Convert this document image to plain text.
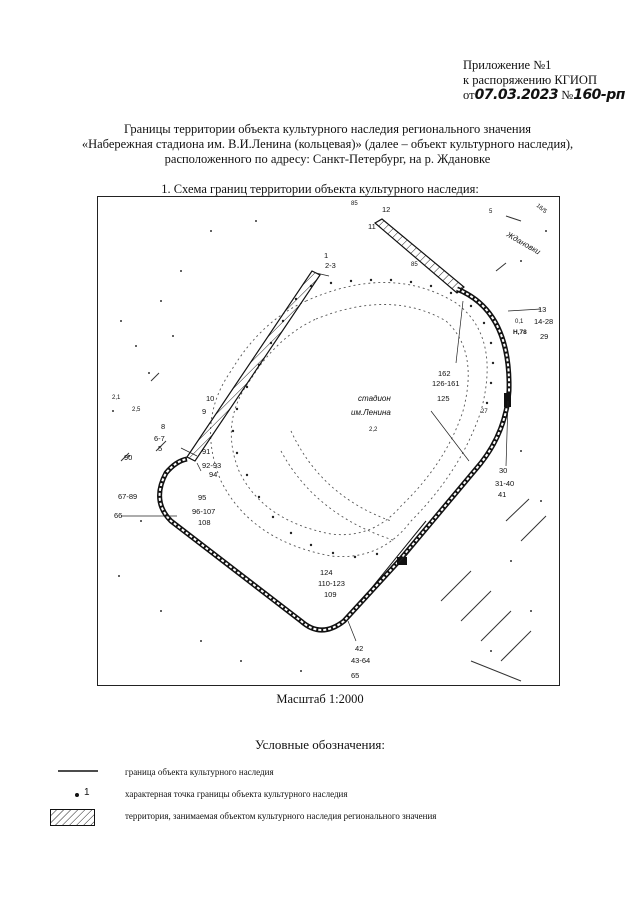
Приложение №1
к распоряжению КГИОП
от07.03.2023 №160-рп
Границы территории объекта культурного наследия регионального значения
«Набережная стадиона им. В.И.Ленина (кольцевая)» (далее – объект культурного наследия),
расположенного по адресу: Санкт-Петербург, на р. Ждановке
1. Схема границ территории объекта культурного наследия:
стадион
им.Ленина
Ждановки
85
85
5	16/5
0,1
Н,78
27
2,1
2,5
2,2
1
2-3
12
11
13
14-28
29
162
126-161
125
10
9
8
6-7
5	91
90
92-93
94
67-89	95
96-107
108
66
30
31-40
41
124
110-123
109
42
43-64
65
Масштаб 1:2000
Условные обозначения:
граница объекта культурного наследия
1	характерная точка границы объекта культурного наследия
территория, занимаемая объектом культурного наследия регионального значения
